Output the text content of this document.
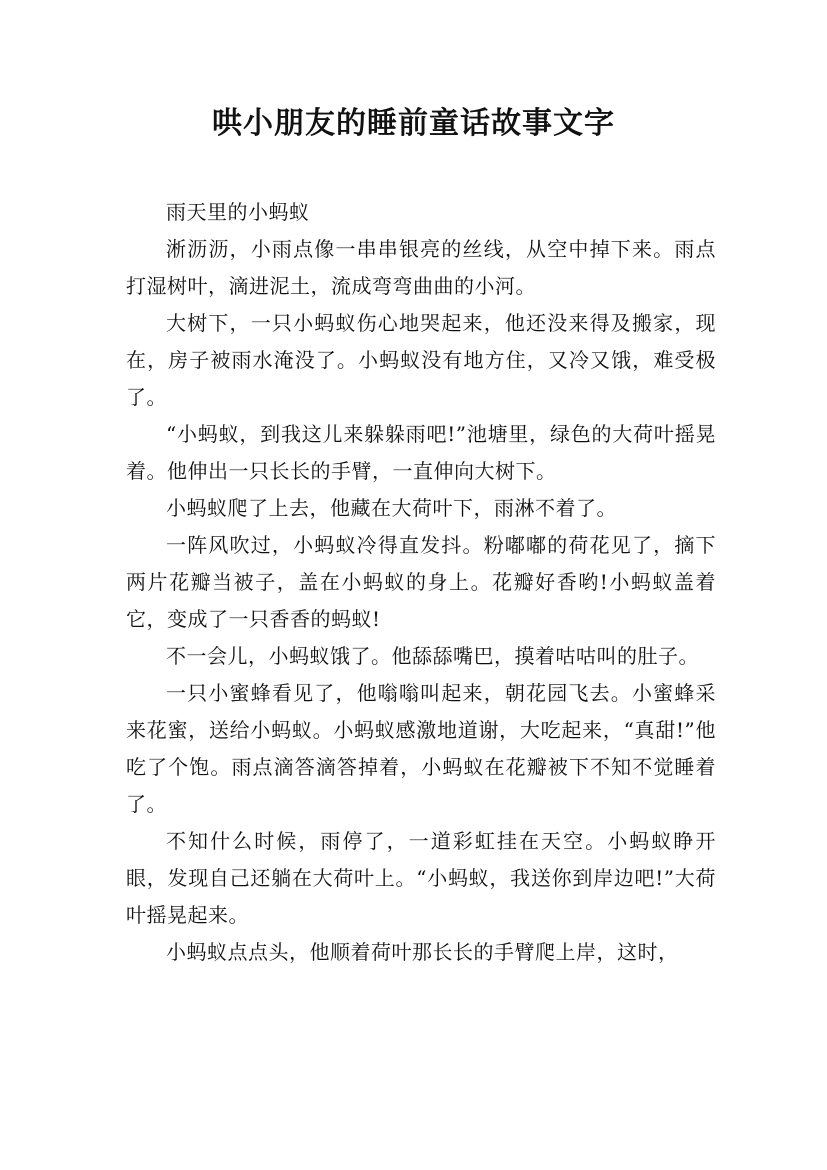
哄小朋友的睡前童话故事文字

雨天里的小蚂蚁

淅沥沥，小雨点像一串串银亮的丝线，从空中掉下来。雨点打湿树叶，滴进泥土，流成弯弯曲曲的小河。

大树下，一只小蚂蚁伤心地哭起来，他还没来得及搬家，现在，房子被雨水淹没了。小蚂蚁没有地方住，又冷又饿，难受极了。

“小蚂蚁，到我这儿来躲躲雨吧!”池塘里，绿色的大荷叶摇晃着。他伸出一只长长的手臂，一直伸向大树下。

小蚂蚁爬了上去，他藏在大荷叶下，雨淋不着了。

一阵风吹过，小蚂蚁冷得直发抖。粉嘟嘟的荷花见了，摘下两片花瓣当被子，盖在小蚂蚁的身上。花瓣好香哟!小蚂蚁盖着它，变成了一只香香的蚂蚁!

不一会儿，小蚂蚁饿了。他舔舔嘴巴，摸着咕咕叫的肚子。

一只小蜜蜂看见了，他嗡嗡叫起来，朝花园飞去。小蜜蜂采来花蜜，送给小蚂蚁。小蚂蚁感激地道谢，大吃起来，“真甜!”他吃了个饱。雨点滴答滴答掉着，小蚂蚁在花瓣被下不知不觉睡着了。

不知什么时候，雨停了，一道彩虹挂在天空。小蚂蚁睁开眼，发现自己还躺在大荷叶上。“小蚂蚁，我送你到岸边吧!”大荷叶摇晃起来。

小蚂蚁点点头，他顺着荷叶那长长的手臂爬上岸，这时，
